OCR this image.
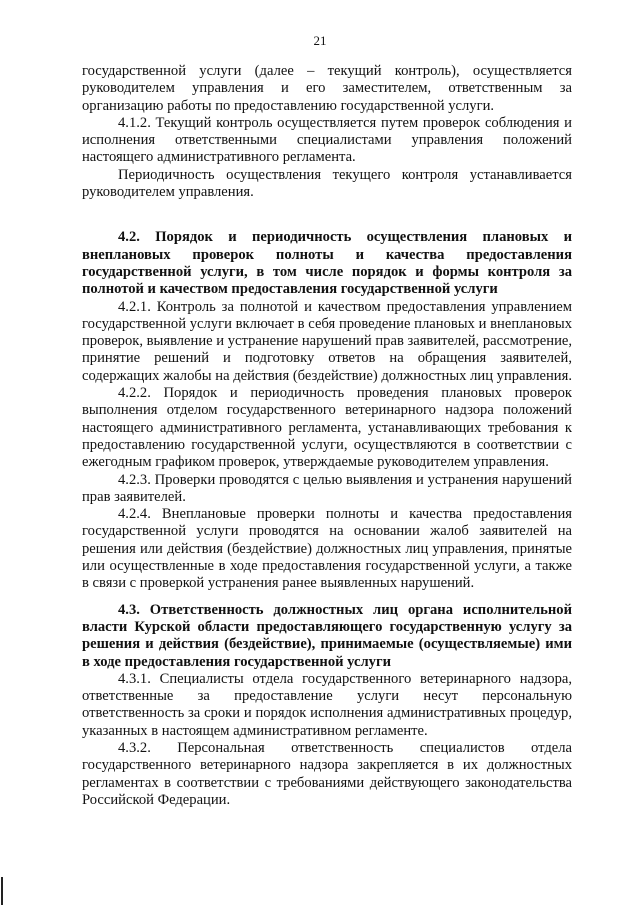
21

государственной услуги (далее – текущий контроль), осуществляется руководителем управления и его заместителем, ответственным за организацию работы по предоставлению государственной услуги.

4.1.2. Текущий контроль осуществляется путем проверок соблюдения и исполнения ответственными специалистами управления положений настоящего административного регламента.

Периодичность осуществления текущего контроля устанавливается руководителем управления.

4.2. Порядок и периодичность осуществления плановых и внеплановых проверок полноты и качества предоставления государственной услуги, в том числе порядок и формы контроля за полнотой и качеством предоставления государственной услуги

4.2.1. Контроль за полнотой и качеством предоставления управлением государственной услуги включает в себя проведение плановых и внеплановых проверок, выявление и устранение нарушений прав заявителей, рассмотрение, принятие решений и подготовку ответов на обращения заявителей, содержащих жалобы на действия (бездействие) должностных лиц управления.

4.2.2. Порядок и периодичность проведения плановых проверок выполнения отделом государственного ветеринарного надзора положений настоящего административного регламента, устанавливающих требования к предоставлению государственной услуги, осуществляются в соответствии с ежегодным графиком проверок, утверждаемые руководителем управления.

4.2.3. Проверки проводятся с целью выявления и устранения нарушений прав заявителей.

4.2.4. Внеплановые проверки полноты и качества предоставления государственной услуги проводятся на основании жалоб заявителей на решения или действия (бездействие) должностных лиц управления, принятые или осуществленные в ходе предоставления государственной услуги, а также в связи с проверкой устранения ранее выявленных нарушений.

4.3. Ответственность должностных лиц органа исполнительной власти Курской области предоставляющего государственную услугу за решения и действия (бездействие), принимаемые (осуществляемые) ими в ходе предоставления государственной услуги

4.3.1. Специалисты отдела государственного ветеринарного надзора, ответственные за предоставление услуги несут персональную ответственность за сроки и порядок исполнения административных процедур, указанных в настоящем административном регламенте.

4.3.2. Персональная ответственность специалистов отдела государственного ветеринарного надзора закрепляется в их должностных регламентах в соответствии с требованиями действующего законодательства Российской Федерации.
